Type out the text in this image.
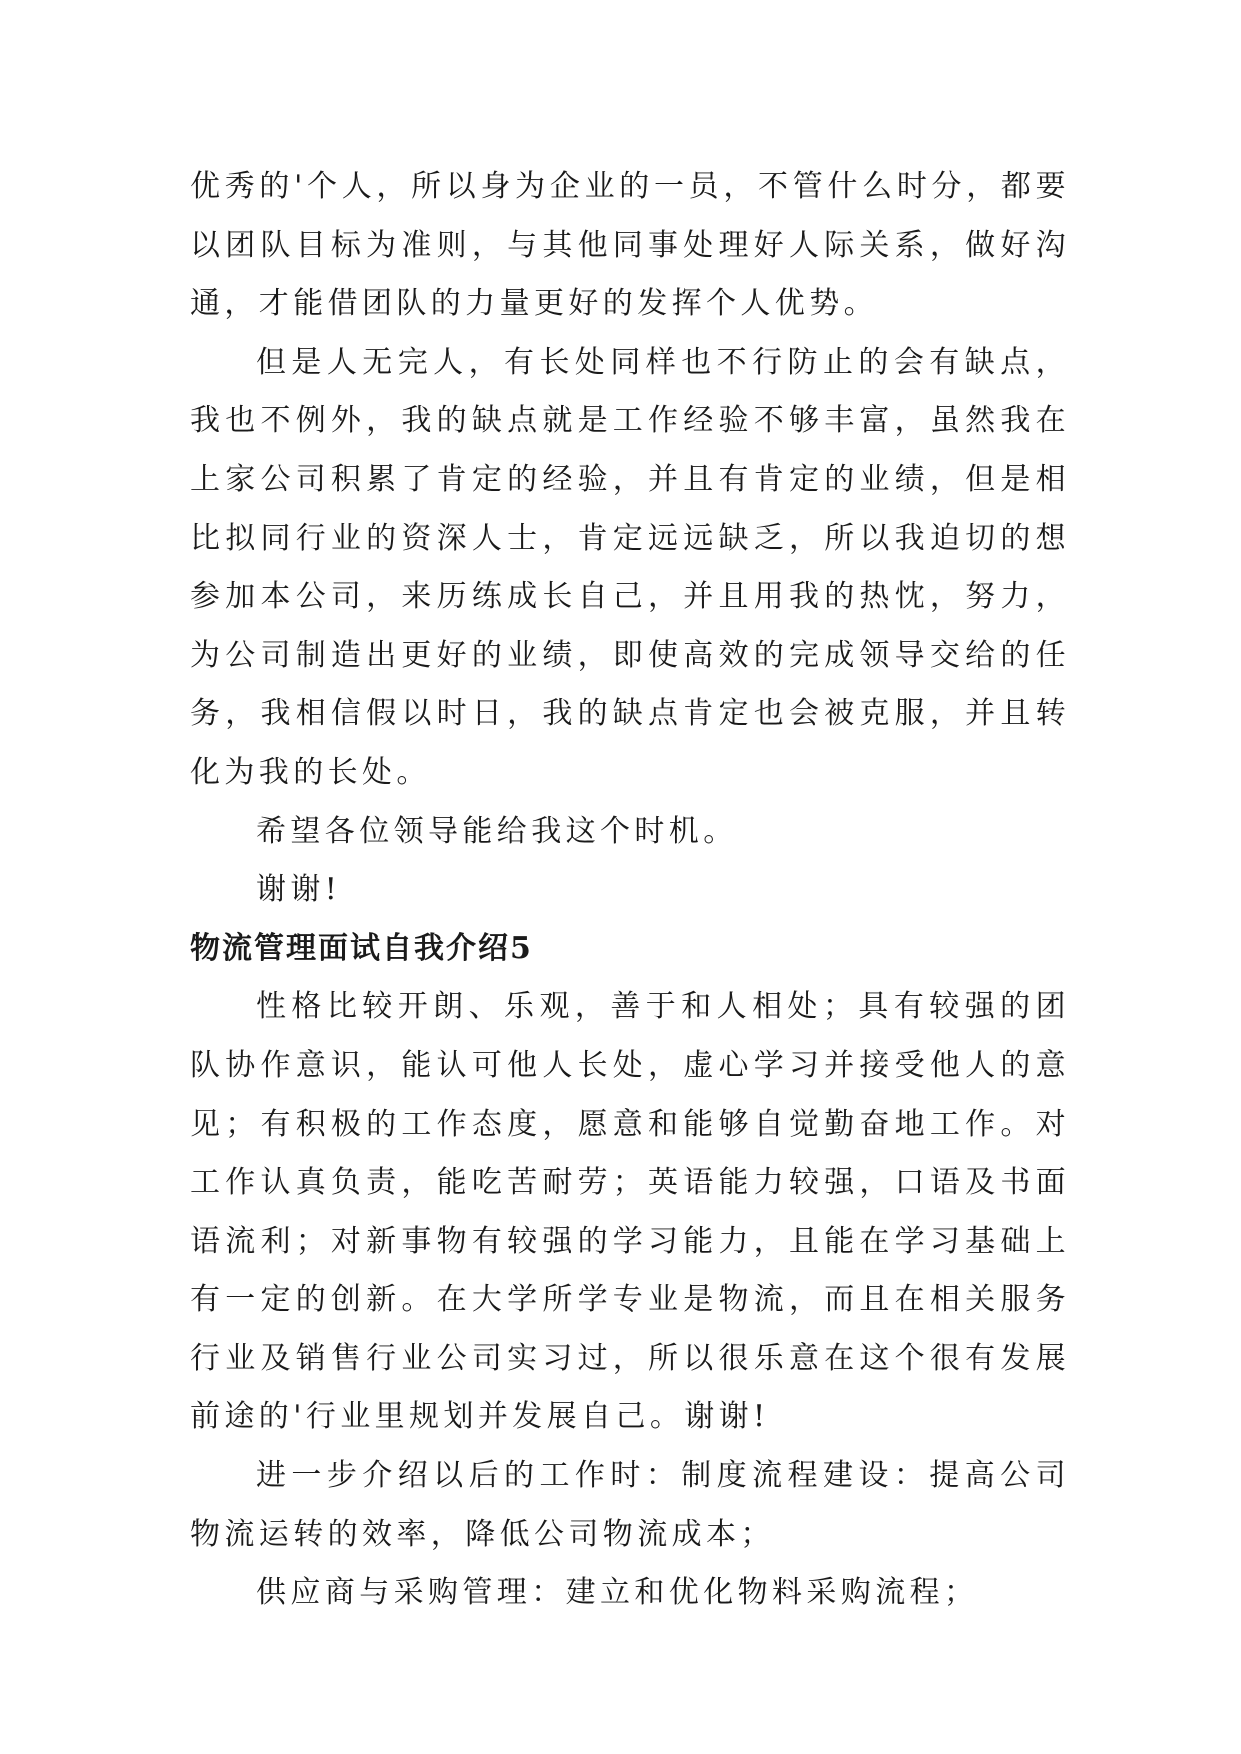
优秀的'个人，所以身为企业的一员，不管什么时分，都要以团队目标为准则，与其他同事处理好人际关系，做好沟通，才能借团队的力量更好的发挥个人优势。

但是人无完人，有长处同样也不行防止的会有缺点，我也不例外，我的缺点就是工作经验不够丰富，虽然我在上家公司积累了肯定的经验，并且有肯定的业绩，但是相比拟同行业的资深人士，肯定远远缺乏，所以我迫切的想参加本公司，来历练成长自己，并且用我的热忱，努力，为公司制造出更好的业绩，即使高效的完成领导交给的任务，我相信假以时日，我的缺点肯定也会被克服，并且转化为我的长处。

希望各位领导能给我这个时机。

谢谢!

物流管理面试自我介绍5

性格比较开朗、乐观，善于和人相处；具有较强的团队协作意识，能认可他人长处，虚心学习并接受他人的意见；有积极的工作态度，愿意和能够自觉勤奋地工作。对工作认真负责，能吃苦耐劳；英语能力较强，口语及书面语流利；对新事物有较强的学习能力，且能在学习基础上有一定的创新。在大学所学专业是物流，而且在相关服务行业及销售行业公司实习过，所以很乐意在这个很有发展前途的'行业里规划并发展自己。谢谢!

进一步介绍以后的工作时：制度流程建设：提高公司物流运转的效率，降低公司物流成本；

供应商与采购管理：建立和优化物料采购流程；
